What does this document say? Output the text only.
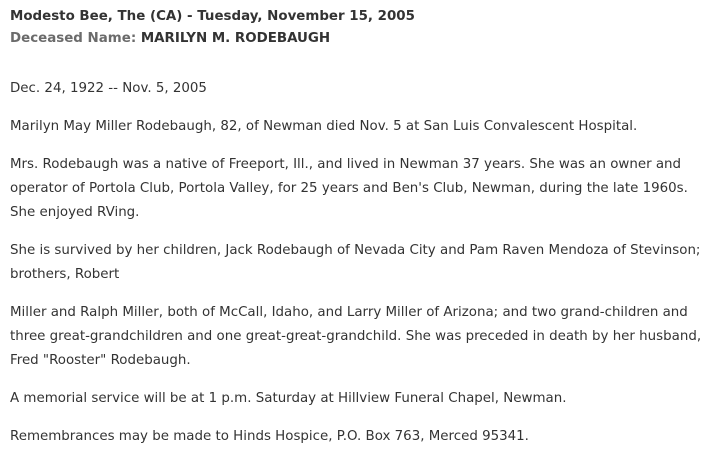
Modesto Bee, The (CA) - Tuesday, November 15, 2005

Deceased Name: MARILYN M. RODEBAUGH

Dec. 24, 1922 -- Nov. 5, 2005

Marilyn May Miller Rodebaugh, 82, of Newman died Nov. 5 at San Luis Convalescent Hospital.

Mrs. Rodebaugh was a native of Freeport, Ill., and lived in Newman 37 years. She was an owner and operator of Portola Club, Portola Valley, for 25 years and Ben's Club, Newman, during the late 1960s. She enjoyed RVing.

She is survived by her children, Jack Rodebaugh of Nevada City and Pam Raven Mendoza of Stevinson; brothers, Robert

Miller and Ralph Miller, both of McCall, Idaho, and Larry Miller of Arizona; and two grand-children and three great-grandchildren and one great-great-grandchild. She was preceded in death by her husband, Fred "Rooster" Rodebaugh.

A memorial service will be at 1 p.m. Saturday at Hillview Funeral Chapel, Newman.

Remembrances may be made to Hinds Hospice, P.O. Box 763, Merced 95341.
